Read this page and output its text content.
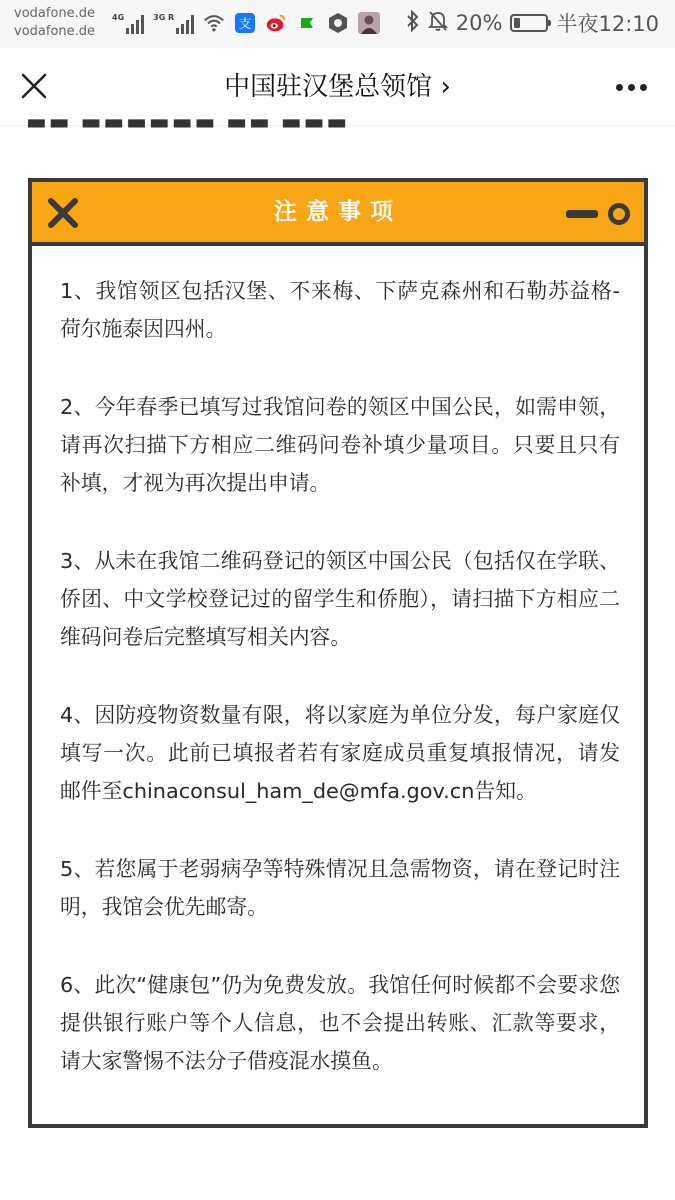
vodafone.de
vodafone.de
4G	3G R	支	20%	半夜12:10
中国驻汉堡总领馆 ›
▬▬ ▬▬▬▬▬▬ ▬▬ ▬▬▬
注意事项

1、我馆领区包括汉堡、不来梅、下萨克森州和石勒苏益格-荷尔施泰因四州。

2、今年春季已填写过我馆问卷的领区中国公民，如需申领，请再次扫描下方相应二维码问卷补填少量项目。只要且只有补填，才视为再次提出申请。

3、从未在我馆二维码登记的领区中国公民（包括仅在学联、侨团、中文学校登记过的留学生和侨胞），请扫描下方相应二维码问卷后完整填写相关内容。

4、因防疫物资数量有限，将以家庭为单位分发，每户家庭仅填写一次。此前已填报者若有家庭成员重复填报情况，请发邮件至chinaconsul_ham_de@mfa.gov.cn告知。

5、若您属于老弱病孕等特殊情况且急需物资，请在登记时注明，我馆会优先邮寄。

6、此次“健康包”仍为免费发放。我馆任何时候都不会要求您提供银行账户等个人信息，也不会提出转账、汇款等要求，请大家警惕不法分子借疫混水摸鱼。
